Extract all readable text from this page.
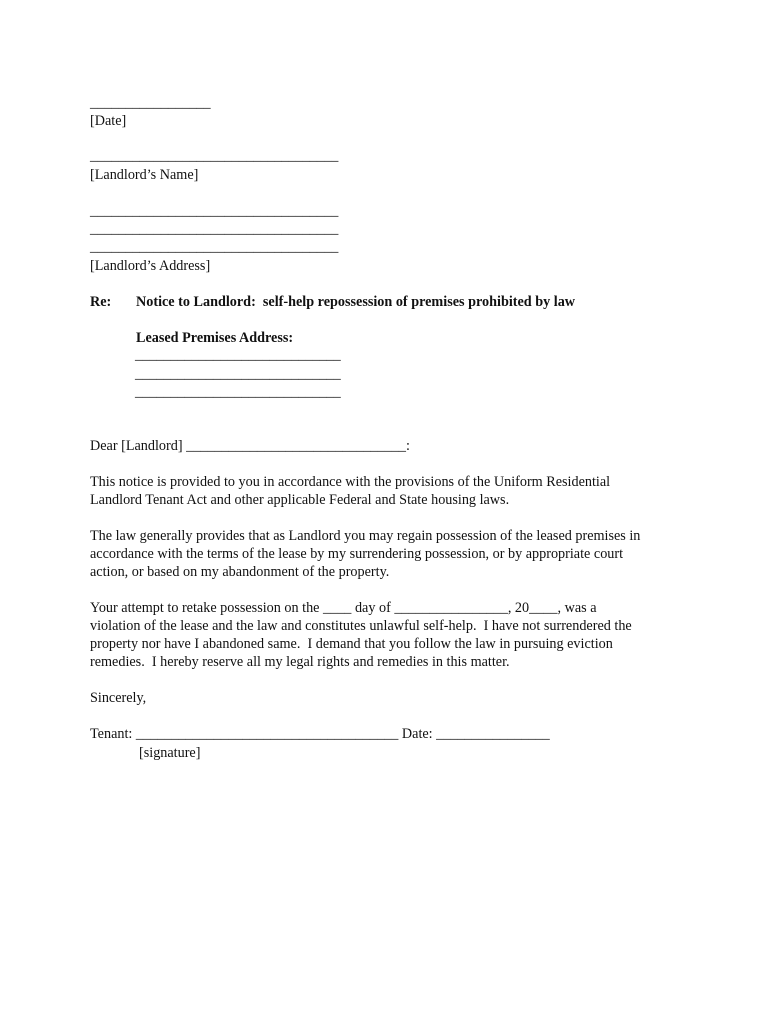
_________________
[Date]
___________________________________
[Landlord’s Name]
___________________________________
___________________________________
___________________________________
[Landlord’s Address]
Re: Notice to Landlord:  self-help repossession of premises prohibited by law
Leased Premises Address:
_____________________________
_____________________________
_____________________________
Dear [Landlord] _______________________________:
This notice is provided to you in accordance with the provisions of the Uniform Residential
Landlord Tenant Act and other applicable Federal and State housing laws.
The law generally provides that as Landlord you may regain possession of the leased premises in
accordance with the terms of the lease by my surrendering possession, or by appropriate court
action, or based on my abandonment of the property.
Your attempt to retake possession on the ____ day of ________________, 20____, was a
violation of the lease and the law and constitutes unlawful self-help.  I have not surrendered the
property nor have I abandoned same.  I demand that you follow the law in pursuing eviction
remedies.  I hereby reserve all my legal rights and remedies in this matter.
Sincerely,
Tenant: _____________________________________ Date: ________________
[signature]
